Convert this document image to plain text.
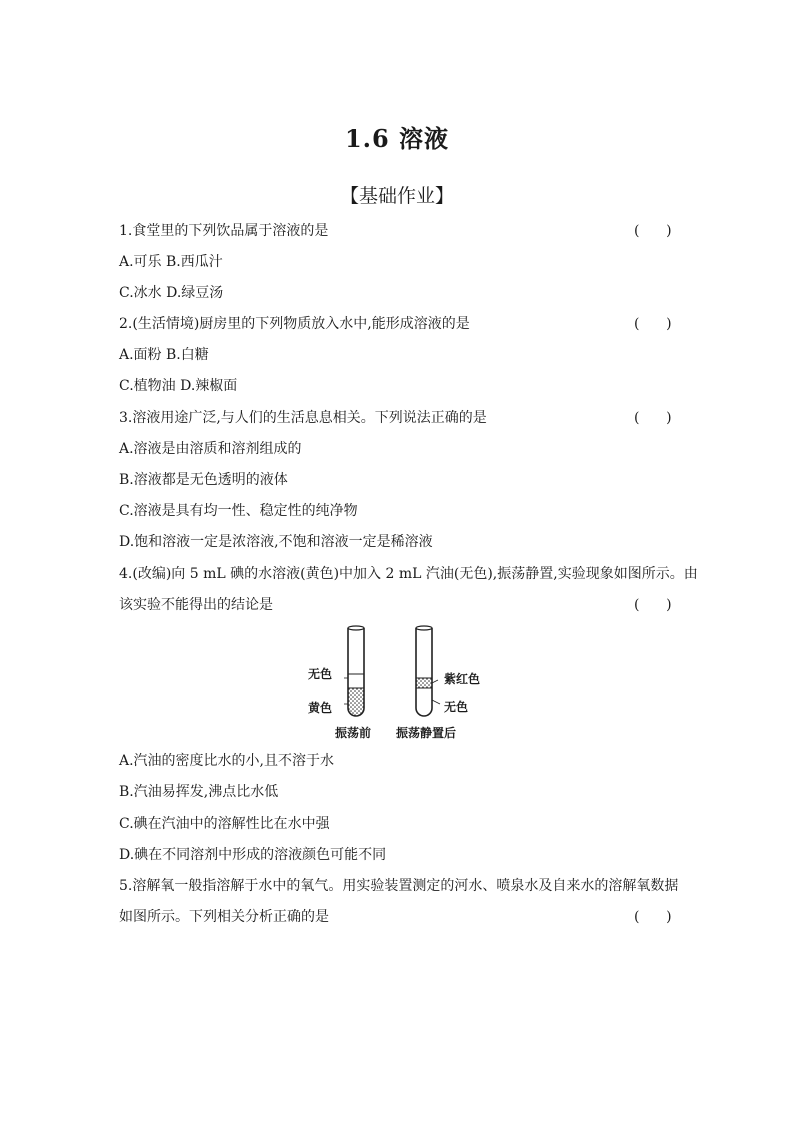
1.6 溶液
【基础作业】
1.食堂里的下列饮品属于溶液的是	(      )
A.可乐 B.西瓜汁
C.冰水 D.绿豆汤
2.(生活情境)厨房里的下列物质放入水中,能形成溶液的是	(      )
A.面粉 B.白糖
C.植物油 D.辣椒面
3.溶液用途广泛,与人们的生活息息相关。下列说法正确的是	(      )
A.溶液是由溶质和溶剂组成的
B.溶液都是无色透明的液体
C.溶液是具有均一性、稳定性的纯净物
D.饱和溶液一定是浓溶液,不饱和溶液一定是稀溶液
4.(改编)向 5 mL 碘的水溶液(黄色)中加入 2 mL 汽油(无色),振荡静置,实验现象如图所示。由
该实验不能得出的结论是	(      )
无色
黄色
振荡前
紫红色
无色
振荡静置后
A.汽油的密度比水的小,且不溶于水
B.汽油易挥发,沸点比水低
C.碘在汽油中的溶解性比在水中强
D.碘在不同溶剂中形成的溶液颜色可能不同
5.溶解氧一般指溶解于水中的氧气。用实验装置测定的河水、喷泉水及自来水的溶解氧数据
如图所示。下列相关分析正确的是	(      )
